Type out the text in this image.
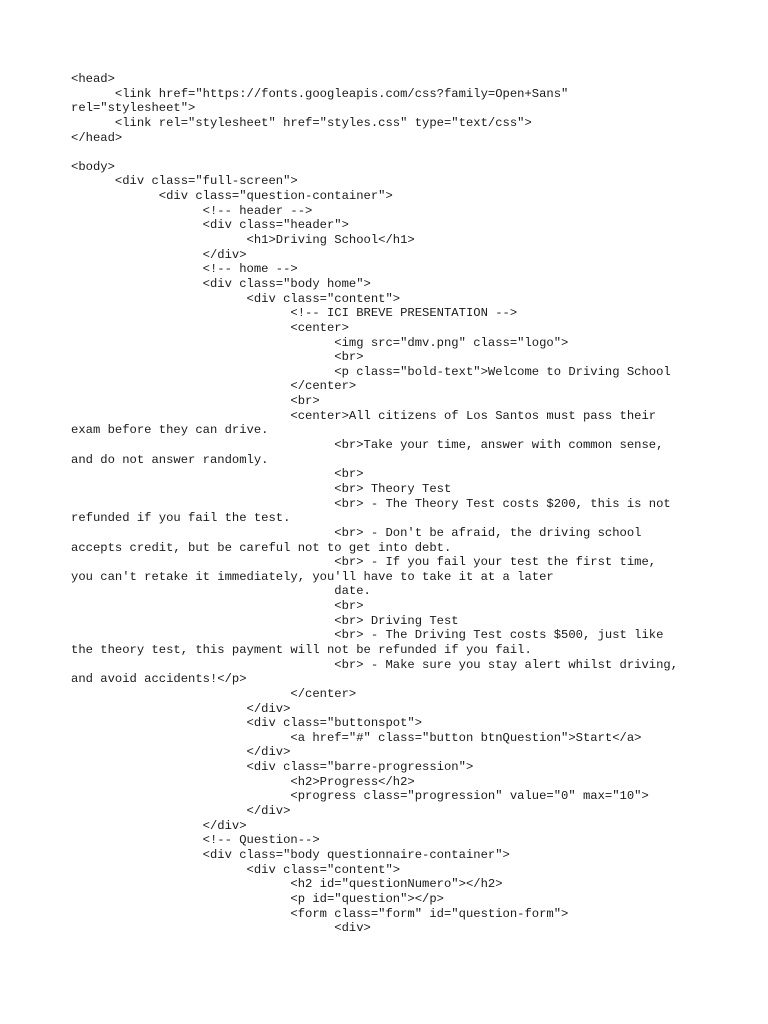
<head>
<link href="https://fonts.googleapis.com/css?family=Open+Sans"
rel="stylesheet">
<link rel="stylesheet" href="styles.css" type="text/css">
</head>
<body>
<div class="full-screen">
<div class="question-container">
<!-- header -->
<div class="header">
<h1>Driving School</h1>
</div>
<!-- home -->
<div class="body home">
<div class="content">
<!-- ICI BREVE PRESENTATION -->
<center>
<img src="dmv.png" class="logo">
<br>
<p class="bold-text">Welcome to Driving School
</center>
<br>
<center>All citizens of Los Santos must pass their
exam before they can drive.
<br>Take your time, answer with common sense,
and do not answer randomly.
<br>
<br> Theory Test
<br> - The Theory Test costs $200, this is not
refunded if you fail the test.
<br> - Don't be afraid, the driving school
accepts credit, but be careful not to get into debt.
<br> - If you fail your test the first time,
you can't retake it immediately, you'll have to take it at a later
date.
<br>
<br> Driving Test
<br> - The Driving Test costs $500, just like
the theory test, this payment will not be refunded if you fail.
<br> - Make sure you stay alert whilst driving,
and avoid accidents!</p>
</center>
</div>
<div class="buttonspot">
<a href="#" class="button btnQuestion">Start</a>
</div>
<div class="barre-progression">
<h2>Progress</h2>
<progress class="progression" value="0" max="10">
</div>
</div>
<!-- Question-->
<div class="body questionnaire-container">
<div class="content">
<h2 id="questionNumero"></h2>
<p id="question"></p>
<form class="form" id="question-form">
<div>
